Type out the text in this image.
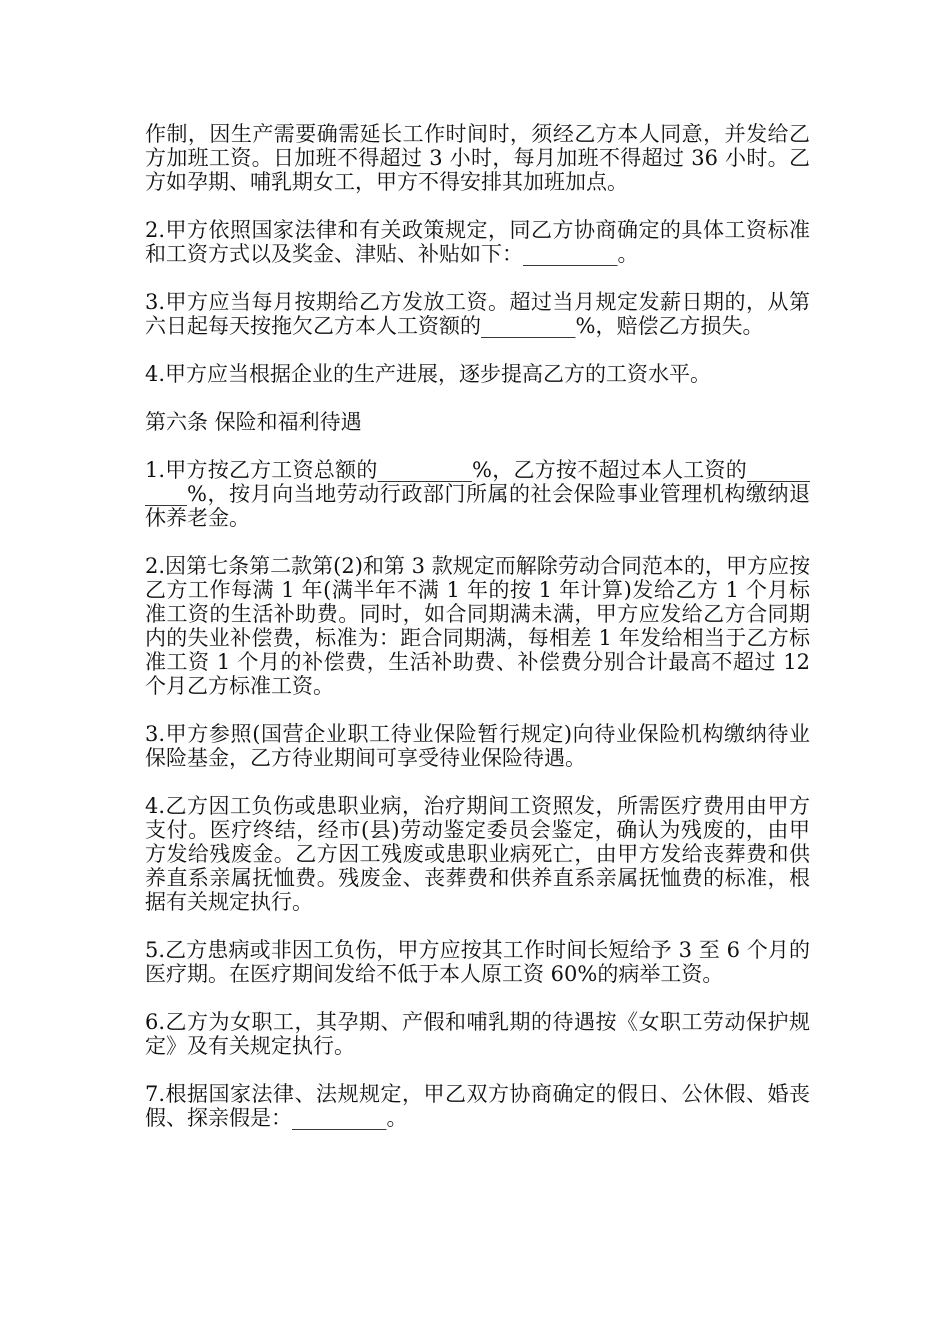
作制，因生产需要确需延长工作时间时，须经乙方本人同意，并发给乙方加班工资。日加班不得超过 3 小时，每月加班不得超过 36 小时。乙方如孕期、哺乳期女工，甲方不得安排其加班加点。

2.甲方依照国家法律和有关政策规定，同乙方协商确定的具体工资标准和工资方式以及奖金、津贴、补贴如下：_________。

3.甲方应当每月按期给乙方发放工资。超过当月规定发薪日期的，从第六日起每天按拖欠乙方本人工资额的_________%，赔偿乙方损失。

4.甲方应当根据企业的生产进展，逐步提高乙方的工资水平。

第六条 保险和福利待遇

1.甲方按乙方工资总额的_________%，乙方按不超过本人工资的__________%，按月向当地劳动行政部门所属的社会保险事业管理机构缴纳退休养老金。

2.因第七条第二款第(2)和第 3 款规定而解除劳动合同范本的，甲方应按乙方工作每满 1 年(满半年不满 1 年的按 1 年计算)发给乙方 1 个月标准工资的生活补助费。同时，如合同期满未满，甲方应发给乙方合同期内的失业补偿费，标准为：距合同期满，每相差 1 年发给相当于乙方标准工资 1 个月的补偿费，生活补助费、补偿费分别合计最高不超过 12 个月乙方标准工资。

3.甲方参照(国营企业职工待业保险暂行规定)向待业保险机构缴纳待业保险基金，乙方待业期间可享受待业保险待遇。

4.乙方因工负伤或患职业病，治疗期间工资照发，所需医疗费用由甲方支付。医疗终结，经市(县)劳动鉴定委员会鉴定，确认为残废的，由甲方发给残废金。乙方因工残废或患职业病死亡，由甲方发给丧葬费和供养直系亲属抚恤费。残废金、丧葬费和供养直系亲属抚恤费的标准，根据有关规定执行。

5.乙方患病或非因工负伤，甲方应按其工作时间长短给予 3 至 6 个月的医疗期。在医疗期间发给不低于本人原工资 60%的病举工资。

6.乙方为女职工，其孕期、产假和哺乳期的待遇按《女职工劳动保护规定》及有关规定执行。

7.根据国家法律、法规规定，甲乙双方协商确定的假日、公休假、婚丧假、探亲假是：_________。
